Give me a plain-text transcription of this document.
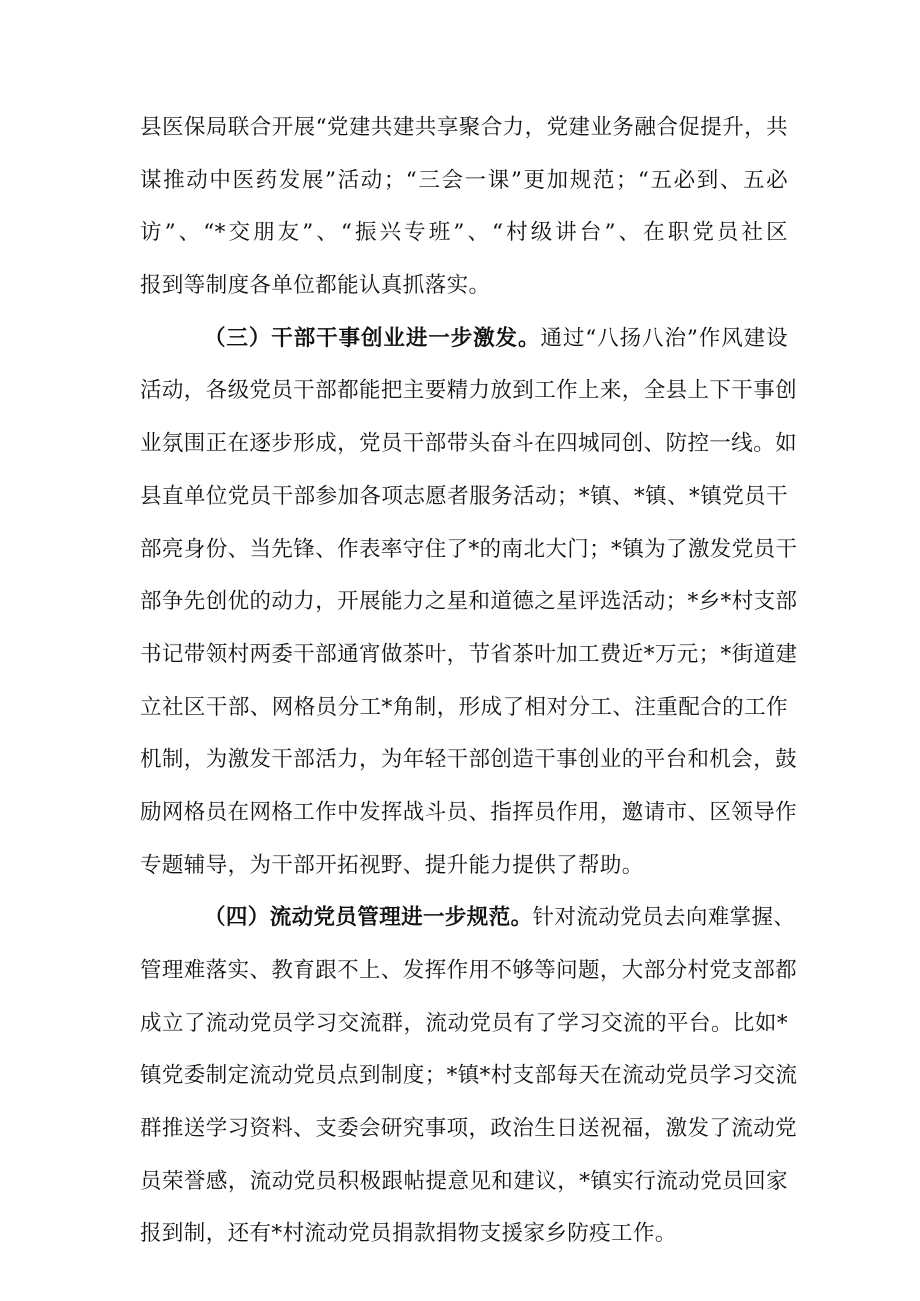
县医保局联合开展“党建共建共享聚合力，党建业务融合促提升，共
谋推动中医药发展”活动；“三会一课”更加规范；“五必到、五必
访”、“*交朋友”、“振兴专班”、“村级讲台”、在职党员社区
报到等制度各单位都能认真抓落实。
（三）干部干事创业进一步激发。通过“八扬八治”作风建设
活动，各级党员干部都能把主要精力放到工作上来，全县上下干事创
业氛围正在逐步形成，党员干部带头奋斗在四城同创、防控一线。如
县直单位党员干部参加各项志愿者服务活动；*镇、*镇、*镇党员干
部亮身份、当先锋、作表率守住了*的南北大门；*镇为了激发党员干
部争先创优的动力，开展能力之星和道德之星评选活动；*乡*村支部
书记带领村两委干部通宵做茶叶，节省茶叶加工费近*万元；*街道建
立社区干部、网格员分工*角制，形成了相对分工、注重配合的工作
机制，为激发干部活力，为年轻干部创造干事创业的平台和机会，鼓
励网格员在网格工作中发挥战斗员、指挥员作用，邀请市、区领导作
专题辅导，为干部开拓视野、提升能力提供了帮助。
（四）流动党员管理进一步规范。针对流动党员去向难掌握、
管理难落实、教育跟不上、发挥作用不够等问题，大部分村党支部都
成立了流动党员学习交流群，流动党员有了学习交流的平台。比如*
镇党委制定流动党员点到制度；*镇*村支部每天在流动党员学习交流
群推送学习资料、支委会研究事项，政治生日送祝福，激发了流动党
员荣誉感，流动党员积极跟帖提意见和建议，*镇实行流动党员回家
报到制，还有*村流动党员捐款捐物支援家乡防疫工作。
